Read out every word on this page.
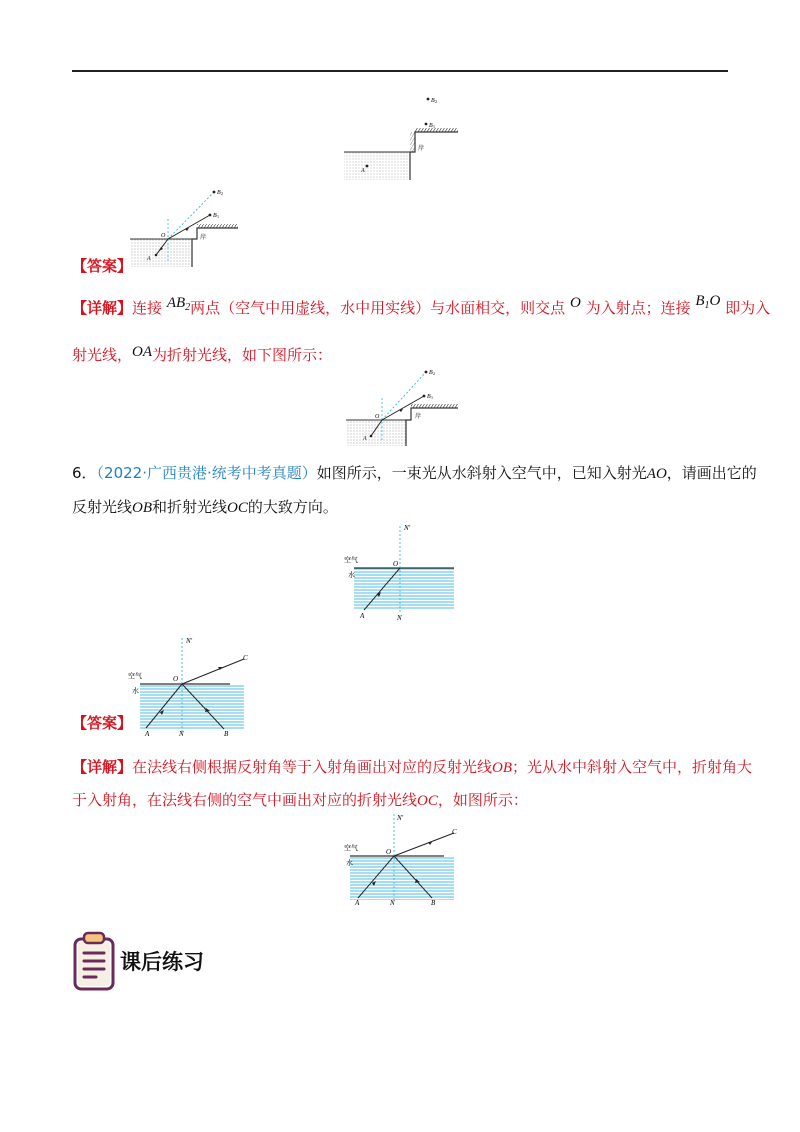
B 2
B 1
岸
A
B 2
B 1
A
O	岸
【答案】
【详解】连接 $AB_2$两点（空气中用虚线，水中用实线）与水面相交，则交点 O 为入射点；连接 $B_1O$ 即为入
射光线，OA为折射光线，如下图所示：
B 2
B 1
A
O	岸
6．（2022·广西贵港·统考中考真题）如图所示，一束光从水斜射入空气中，已知入射光AO，请画出它的
反射光线OB和折射光线OC的大致方向。
N'
O
空气
水
A	N
N'
O
空气
水
A	N	B
C
【答案】
【详解】在法线右侧根据反射角等于入射角画出对应的反射光线OB；光从水中斜射入空气中，折射角大
于入射角，在法线右侧的空气中画出对应的折射光线OC，如图所示：
N'
O
空气
水
A	N	B
C
课后练习
